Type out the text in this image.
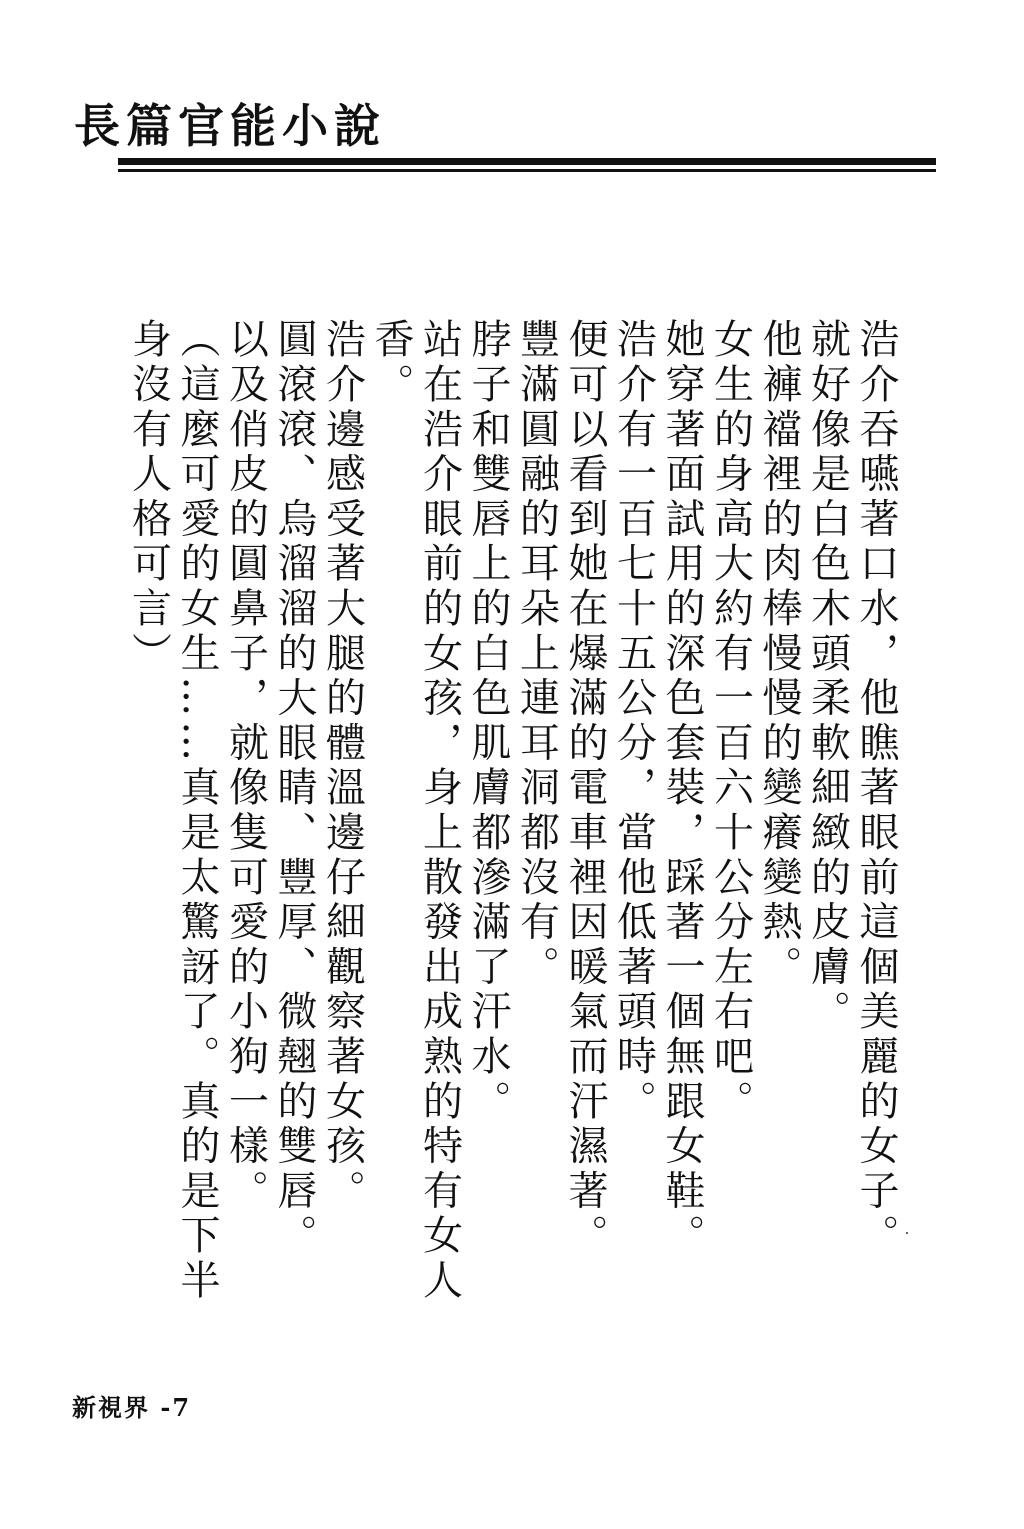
長篇官能小說

浩介吞嚥著口水，他瞧著眼前這個美麗的女子。

就好像是白色木頭柔軟細緻的皮膚。

他褲襠裡的肉棒慢慢的變癢變熱。

女生的身高大約有一百六十公分左右吧。

她穿著面試用的深色套裝，踩著一個無跟女鞋。

浩介有一百七十五公分，當他低著頭時。

便可以看到她在爆滿的電車裡因暖氣而汗濕著。

豐滿圓融的耳朵上連耳洞都沒有。

脖子和雙唇上的白色肌膚都滲滿了汗水。

站在浩介眼前的女孩，身上散發出成熟的特有女人香。

浩介邊感受著大腿的體溫邊仔細觀察著女孩。

圓滾滾、烏溜溜的大眼睛、豐厚、微翹的雙唇。

以及俏皮的圓鼻子，就像隻可愛的小狗一樣。

（這麼可愛的女生……真是太驚訝了。真的是下半身沒有人格可言）

新視界 -7
